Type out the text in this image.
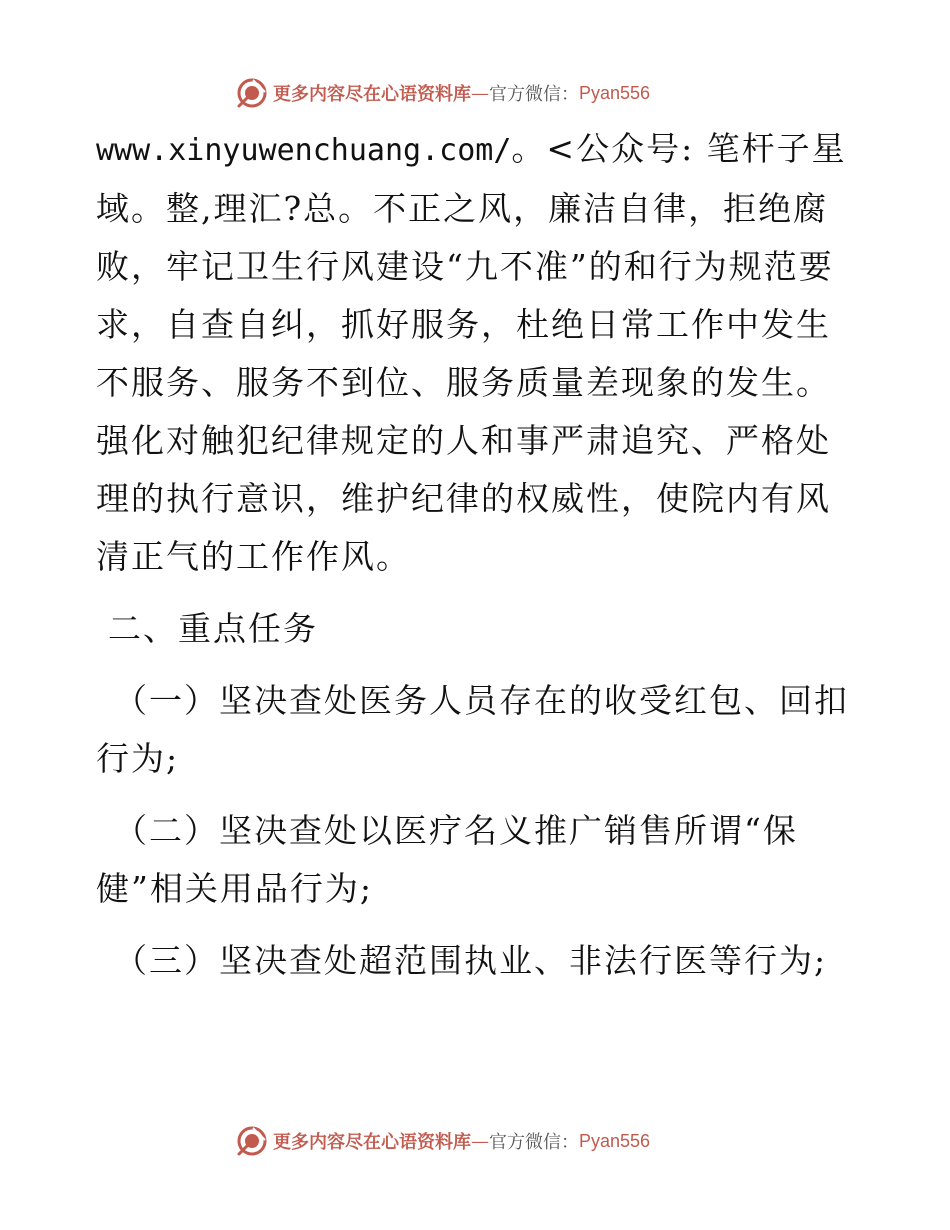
更多内容尽在心语资料库 — 官方微信： Pyan556

www.xinyuwenchuang.com/。<公众号: 笔杆子星域。整,理汇?总。不正之风，廉洁自律，拒绝腐败，牢记卫生行风建设“九不准”的和行为规范要求，自查自纠，抓好服务，杜绝日常工作中发生不服务、服务不到位、服务质量差现象的发生。强化对触犯纪律规定的人和事严肃追究、严格处理的执行意识，维护纪律的权威性，使院内有风清正气的工作作风。

二、重点任务

（一）坚决查处医务人员存在的收受红包、回扣行为;

（二）坚决查处以医疗名义推广销售所谓“保健”相关用品行为;

（三）坚决查处超范围执业、非法行医等行为;

更多内容尽在心语资料库 — 官方微信： Pyan556
